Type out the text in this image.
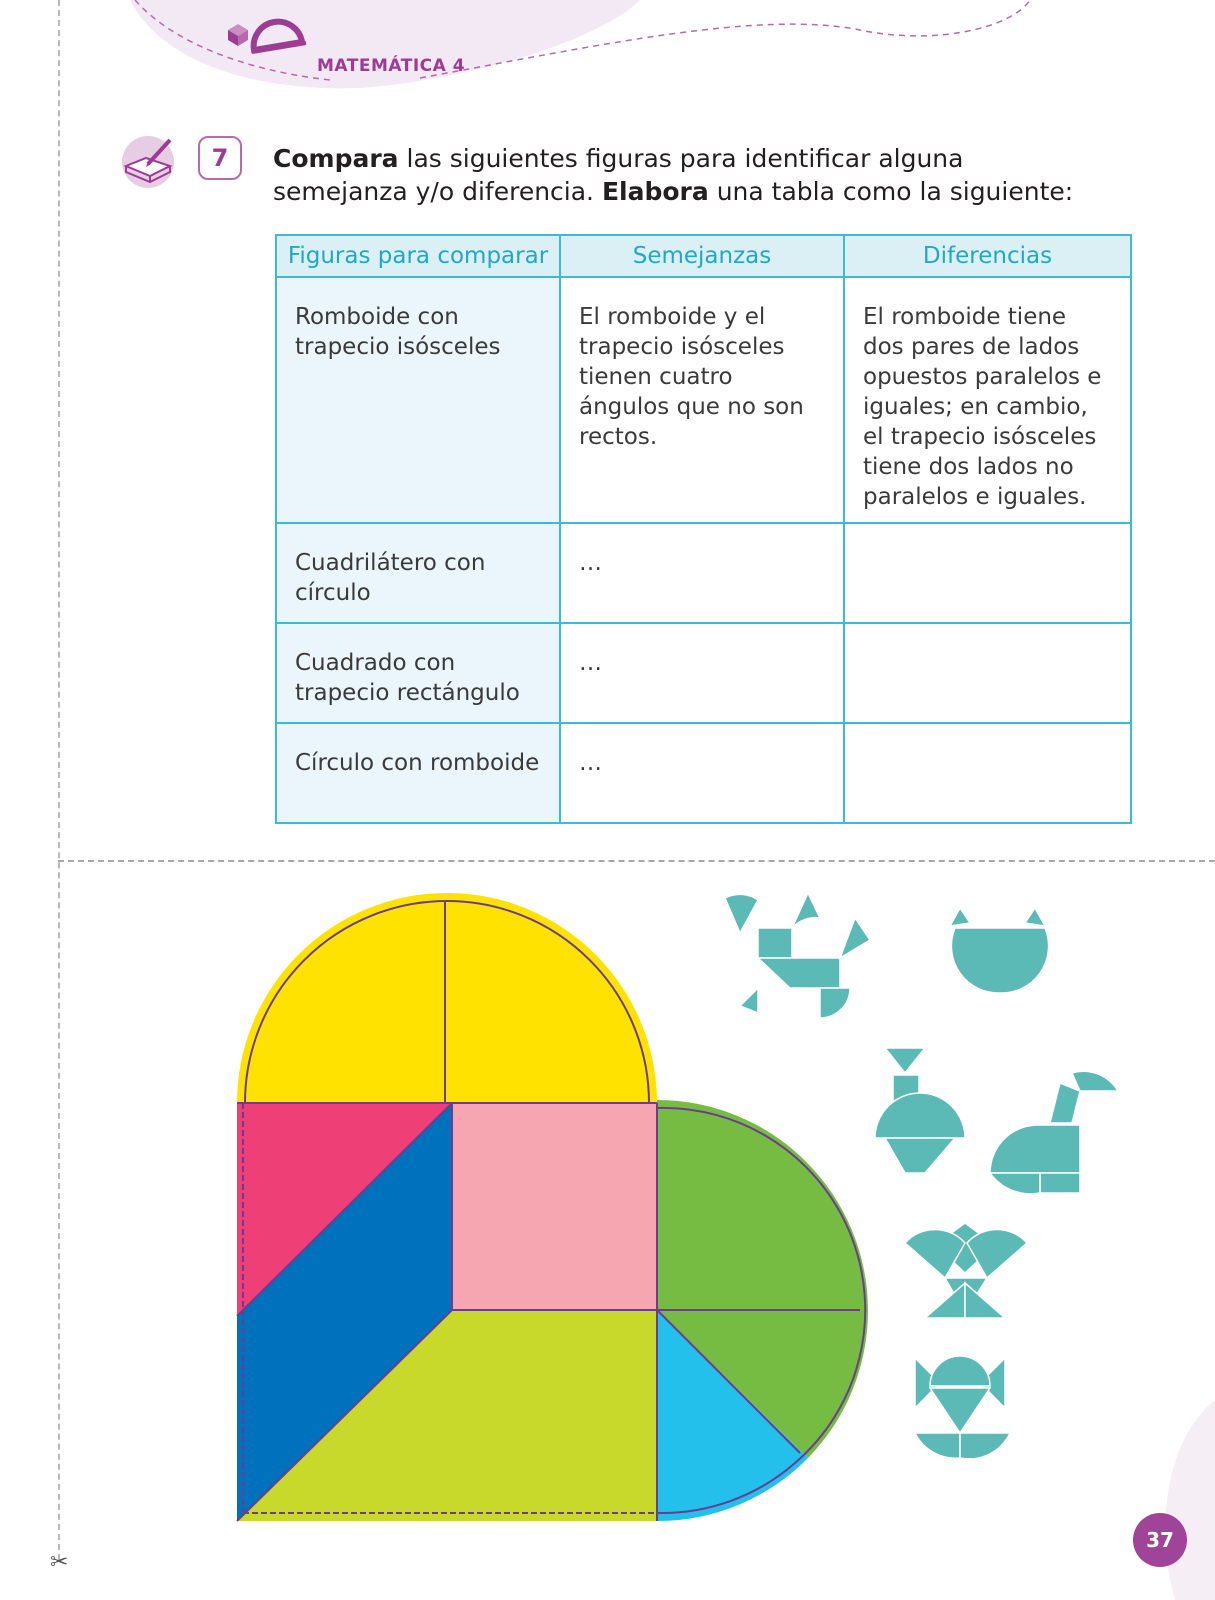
MATEMÁTICA 4
✂
7	Compara las siguientes figuras para identificar alguna semejanza y/o diferencia. Elabora una tabla como la siguiente:
Figuras para comparar	Semejanzas	Diferencias
Romboide con trapecio isósceles	El romboide y el trapecio isósceles tienen cuatro ángulos que no son rectos.	El romboide tiene dos pares de lados opuestos paralelos e iguales; en cambio, el trapecio isósceles tiene dos lados no paralelos e iguales.
Cuadrilátero con círculo	…	
Cuadrado con trapecio rectángulo	…	
Círculo con romboide	…	
37
